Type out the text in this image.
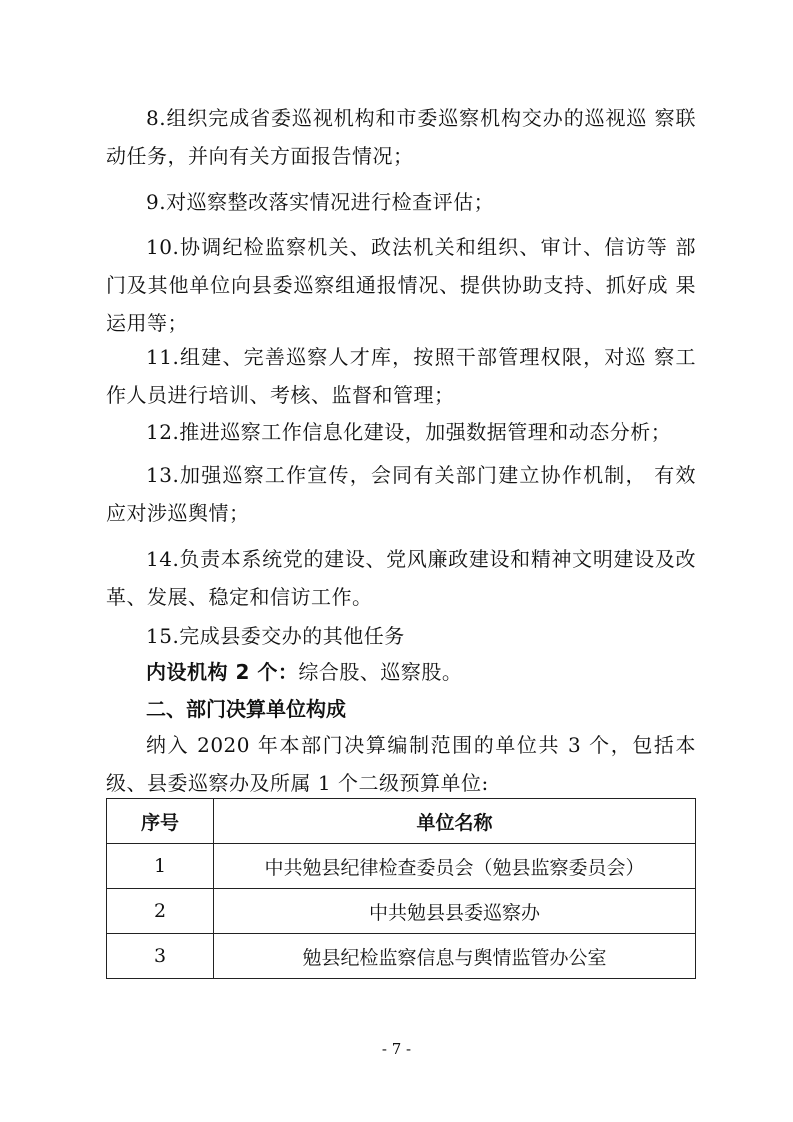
8.组织完成省委巡视机构和市委巡察机构交办的巡视巡 察联动任务，并向有关方面报告情况；

9.对巡察整改落实情况进行检查评估；

10.协调纪检监察机关、政法机关和组织、审计、信访等 部门及其他单位向县委巡察组通报情况、提供协助支持、抓好成 果运用等；

11.组建、完善巡察人才库，按照干部管理权限，对巡 察工作人员进行培训、考核、监督和管理；

12.推进巡察工作信息化建设，加强数据管理和动态分析；

13.加强巡察工作宣传，会同有关部门建立协作机制， 有效应对涉巡舆情；

14.负责本系统党的建设、党风廉政建设和精神文明建设及改革、发展、稳定和信访工作。

15.完成县委交办的其他任务

内设机构 2 个：综合股、巡察股。

二、部门决算单位构成

纳入 2020 年本部门决算编制范围的单位共 3 个，包括本级、县委巡察办及所属 1 个二级预算单位:

序号	单位名称
1	中共勉县纪律检查委员会（勉县监察委员会）
2	中共勉县县委巡察办
3	勉县纪检监察信息与舆情监管办公室
- 7 -
